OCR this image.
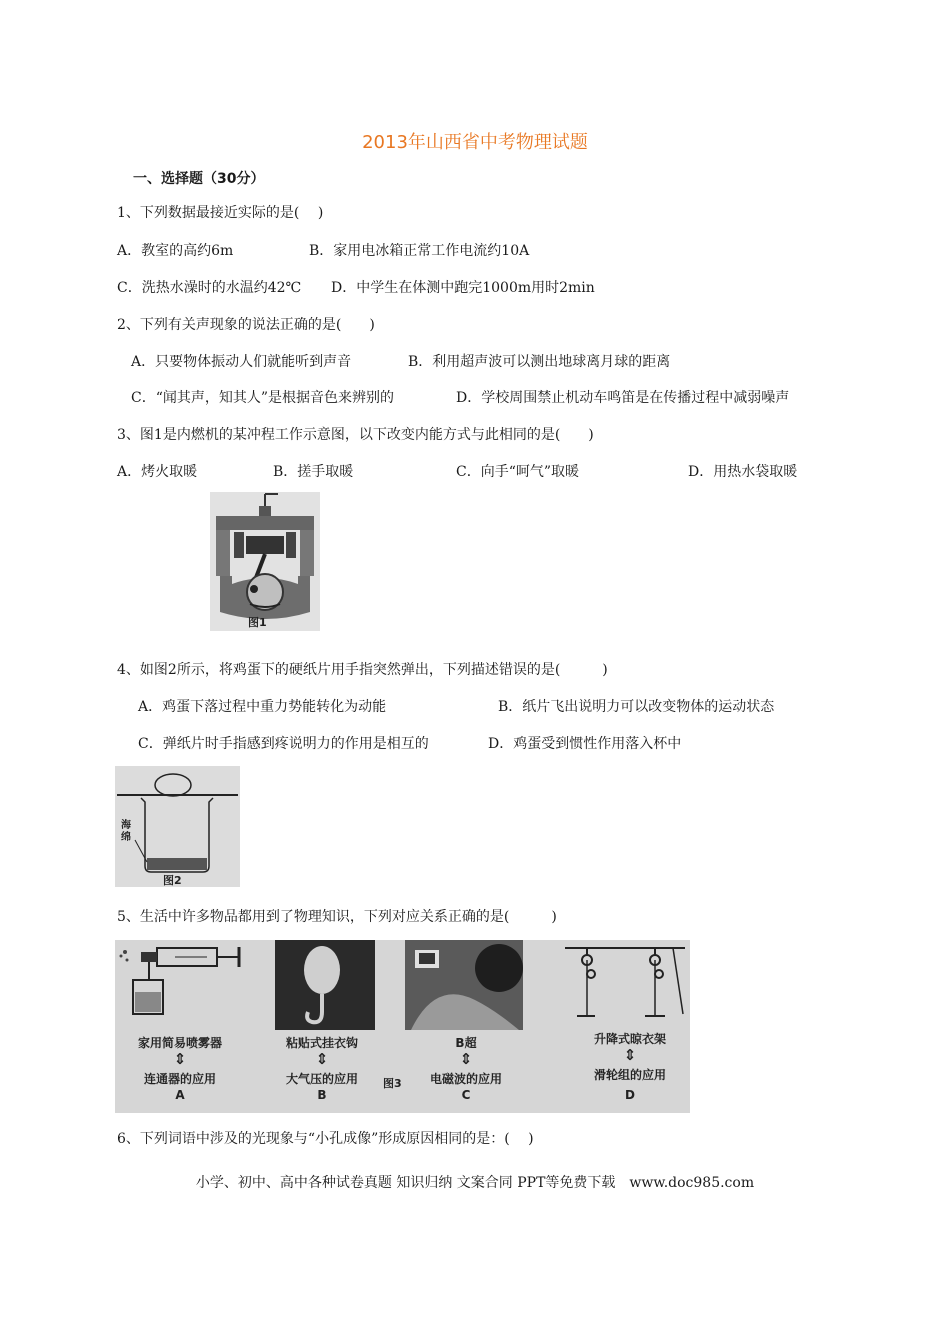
2013年山西省中考物理试题
一、选择题（30分）
1、下列数据最接近实际的是(　 )
A．教室的高约6m	B．家用电冰箱正常工作电流约10A
C．洗热水澡时的水温约42℃ D．中学生在体测中跑完1000m用时2min
2、下列有关声现象的说法正确的是(　　)
A．只要物体振动人们就能听到声音	B．利用超声波可以测出地球离月球的距离
C．“闻其声，知其人”是根据音色来辨别的	D．学校周围禁止机动车鸣笛是在传播过程中减弱噪声
3、图1是内燃机的某冲程工作示意图，以下改变内能方式与此相同的是(　　)
A．烤火取暖	B．搓手取暖	C．向手“呵气”取暖	D．用热水袋取暖
图1
4、如图2所示，将鸡蛋下的硬纸片用手指突然弹出，下列描述错误的是(　　　)
A．鸡蛋下落过程中重力势能转化为动能	B．纸片飞出说明力可以改变物体的运动状态
C．弹纸片时手指感到疼说明力的作用是相互的	D．鸡蛋受到惯性作用落入杯中
海绵
图2
5、生活中许多物品都用到了物理知识，下列对应关系正确的是(　　　)
家用简易喷雾器
⇕
连通器的应用
A
粘贴式挂衣钩
⇕
大气压的应用
B
B超
⇕
电磁波的应用
C
升降式晾衣架
⇕
滑轮组的应用
D
图3
6、下列词语中涉及的光现象与“小孔成像”形成原因相同的是：(　 )
小学、初中、高中各种试卷真题 知识归纳 文案合同 PPT等免费下载　www.doc985.com
